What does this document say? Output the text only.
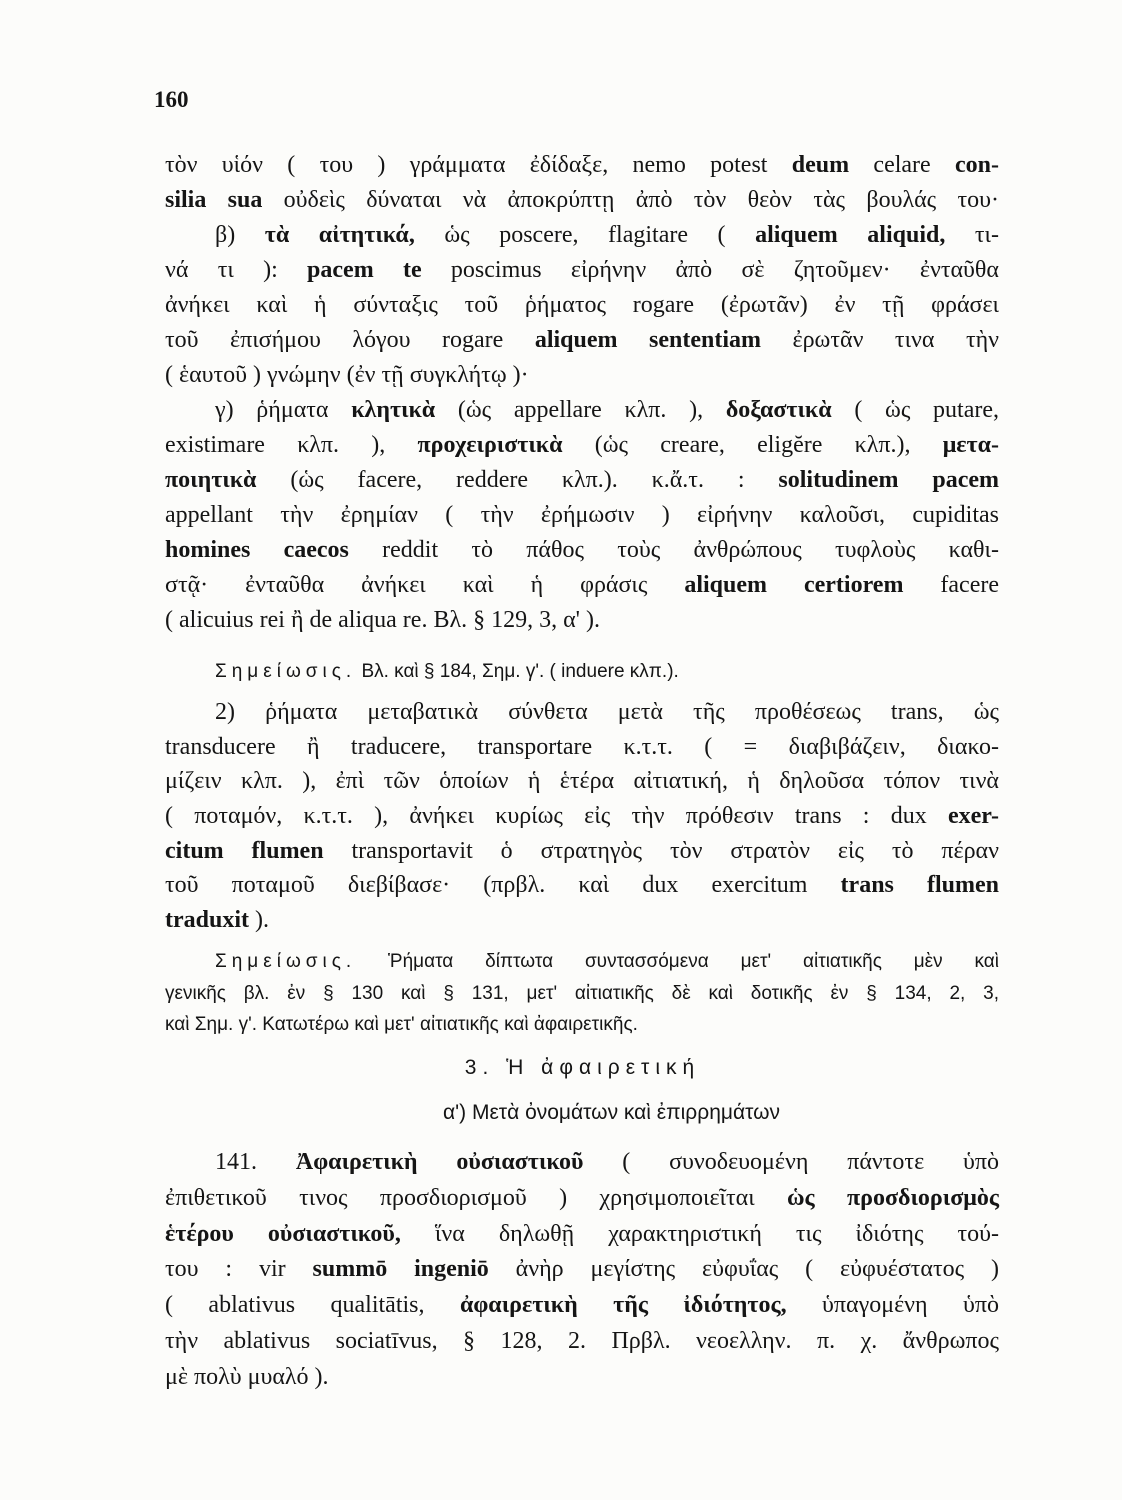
160
τὸν υἱόν ( του ) γράμματα ἐδίδαξε, nemo potest deum celare con-
silia sua οὐδεὶς δύναται νὰ ἀποκρύπτῃ ἀπὸ τὸν θεὸν τὰς βουλάς του·
β) τὰ αἰτητικά, ὡς poscere, flagitare ( aliquem aliquid, τι-
νά τι ): pacem te poscimus εἰρήνην ἀπὸ σὲ ζητοῦμεν· ἐνταῦθα
ἀνήκει καὶ ἡ σύνταξις τοῦ ῥήματος rogare (ἐρωτᾶν) ἐν τῇ φράσει
τοῦ ἐπισήμου λόγου rogare aliquem sententiam ἐρωτᾶν τινα τὴν
( ἑαυτοῦ ) γνώμην (ἐν τῇ συγκλήτῳ )·
γ) ῥήματα κλητικὰ (ὡς appellare κλπ. ), δοξαστικὰ ( ὡς putare,
existimare κλπ. ), προχειριστικὰ (ὡς creare, eligĕre κλπ.), μετα-
ποιητικὰ (ὡς facere, reddere κλπ.). κ.ἄ.τ. : solitudinem pacem
appellant τὴν ἐρημίαν ( τὴν ἐρήμωσιν ) εἰρήνην καλοῦσι, cupiditas
homines caecos reddit τὸ πάθος τοὺς ἀνθρώπους τυφλοὺς καθι-
στᾷ· ἐνταῦθα ἀνήκει καὶ ἡ φράσις aliquem certiorem facere
( alicuius rei ἢ de aliqua re. Βλ. § 129, 3, α' ).
Σημείωσις. Βλ. καὶ § 184, Σημ. γ'. ( induere κλπ.).
2) ῥήματα μεταβατικὰ σύνθετα μετὰ τῆς προθέσεως trans, ὡς
transducere ἢ traducere, transportare κ.τ.τ. ( = διαβιβάζειν, διακο-
μίζειν κλπ. ), ἐπὶ τῶν ὁποίων ἡ ἑτέρα αἰτιατική, ἡ δηλοῦσα τόπον τινὰ
( ποταμόν, κ.τ.τ. ), ἀνήκει κυρίως εἰς τὴν πρόθεσιν trans : dux exer-
citum flumen transportavit ὁ στρατηγὸς τὸν στρατὸν εἰς τὸ πέραν
τοῦ ποταμοῦ διεβίβασε· (πρβλ. καὶ dux exercitum trans flumen
traduxit ).
Σημείωσις. Ῥήματα δίπτωτα συντασσόμενα μετ' αἰτιατικῆς μὲν καὶ
γενικῆς βλ. ἐν § 130 καὶ § 131, μετ' αἰτιατικῆς δὲ καὶ δοτικῆς ἐν § 134, 2, 3,
καὶ Σημ. γ'. Κατωτέρω καὶ μετ' αἰτιατικῆς καὶ ἀφαιρετικῆς.
3. Ἡ ἀφαιρετική
α') Μετὰ ὀνομάτων καὶ ἐπιρρημάτων
141. Ἀφαιρετικὴ οὐσιαστικοῦ ( συνοδευομένη πάντοτε ὑπὸ
ἐπιθετικοῦ τινος προσδιορισμοῦ ) χρησιμοποιεῖται ὡς προσδιορισμὸς
ἑτέρου οὐσιαστικοῦ, ἵνα δηλωθῇ χαρακτηριστική τις ἰδιότης τού-
του : vir summō ingeniō ἀνὴρ μεγίστης εὐφυΐας ( εὐφυέστατος )
( ablativus qualitātis, ἀφαιρετικὴ τῆς ἰδιότητος, ὑπαγομένη ὑπὸ
τὴν ablativus sociatīvus, § 128, 2. Πρβλ. νεοελλην. π. χ. ἄνθρωπος
μὲ πολὺ μυαλό ).
